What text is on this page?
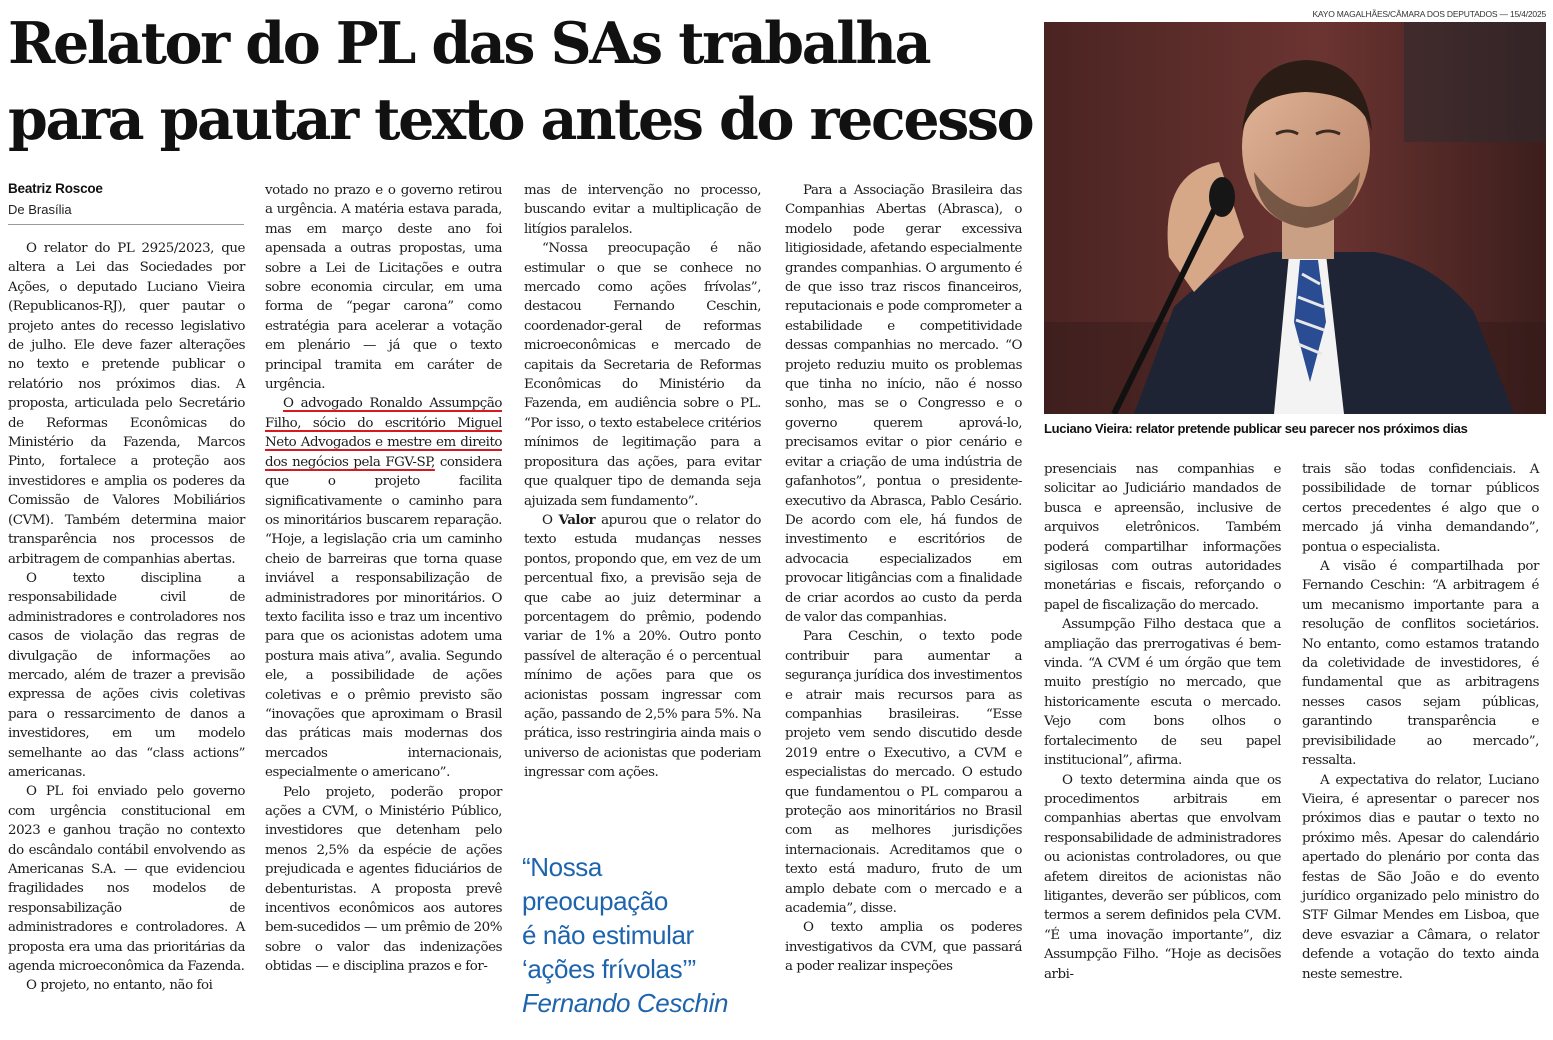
Relator do PL das SAs trabalha
para pautar texto antes do recesso
KAYO MAGALHÃES/CÂMARA DOS DEPUTADOS — 15/4/2025
Luciano Vieira: relator pretende publicar seu parecer nos próximos dias
Beatriz Roscoe
De Brasília

O relator do PL 2925/2023, que altera a Lei das Sociedades por Ações, o deputado Luciano Vieira (Republicanos-RJ), quer pautar o projeto antes do recesso legislativo de julho. Ele deve fazer alterações no texto e pretende publicar o relatório nos próximos dias. A proposta, articulada pelo Secretário de Reformas Econômicas do Ministério da Fazenda, Marcos Pinto, fortalece a proteção aos investidores e amplia os poderes da Comissão de Valores Mobiliários (CVM). Também determina maior transparência nos processos de arbitragem de companhias abertas.

O texto disciplina a responsabilidade civil de administradores e controladores nos casos de violação das regras de divulgação de informações ao mercado, além de trazer a previsão expressa de ações civis coletivas para o ressarcimento de danos a investidores, em um modelo semelhante ao das “class actions” americanas.

O PL foi enviado pelo governo com urgência constitucional em 2023 e ganhou tração no contexto do escândalo contábil envolvendo as Americanas S.A. — que evidenciou fragilidades nos modelos de responsabilização de administradores e controladores. A proposta era uma das prioritárias da agenda microeconômica da Fazenda.

O projeto, no entanto, não foi

votado no prazo e o governo retirou a urgência. A matéria estava parada, mas em março deste ano foi apensada a outras propostas, uma sobre a Lei de Licitações e outra sobre economia circular, em uma forma de “pegar carona” como estratégia para acelerar a votação em plenário — já que o texto principal tramita em caráter de urgência.

O advogado Ronaldo Assumpção Filho, sócio do escritório Miguel Neto Advogados e mestre em direito dos negócios pela FGV-SP, considera que o projeto facilita significativamente o caminho para os minoritários buscarem reparação. “Hoje, a legislação cria um caminho cheio de barreiras que torna quase inviável a responsabilização de administradores por minoritários. O texto facilita isso e traz um incentivo para que os acionistas adotem uma postura mais ativa”, avalia. Segundo ele, a possibilidade de ações coletivas e o prêmio previsto são “inovações que aproximam o Brasil das práticas mais modernas dos mercados internacionais, especialmente o americano”.

Pelo projeto, poderão propor ações a CVM, o Ministério Público, investidores que detenham pelo menos 2,5% da espécie de ações prejudicada e agentes fiduciários de debenturistas. A proposta prevê incentivos econômicos aos autores bem-sucedidos — um prêmio de 20% sobre o valor das indenizações obtidas — e disciplina prazos e for-

mas de intervenção no processo, buscando evitar a multiplicação de litígios paralelos.

“Nossa preocupação é não estimular o que se conhece no mercado como ações frívolas”, destacou Fernando Ceschin, coordenador-geral de reformas microeconômicas e mercado de capitais da Secretaria de Reformas Econômicas do Ministério da Fazenda, em audiência sobre o PL. “Por isso, o texto estabelece critérios mínimos de legitimação para a propositura das ações, para evitar que qualquer tipo de demanda seja ajuizada sem fundamento”.

O Valor apurou que o relator do texto estuda mudanças nesses pontos, propondo que, em vez de um percentual fixo, a previsão seja de que cabe ao juiz determinar a porcentagem do prêmio, podendo variar de 1% a 20%. Outro ponto passível de alteração é o percentual mínimo de ações para que os acionistas possam ingressar com ação, passando de 2,5% para 5%. Na prática, isso restringiria ainda mais o universo de acionistas que poderiam ingressar com ações.

“Nossa
preocupação
é não estimular
‘ações frívolas’”
Fernando Ceschin

Para a Associação Brasileira das Companhias Abertas (Abrasca), o modelo pode gerar excessiva litigiosidade, afetando especialmente grandes companhias. O argumento é de que isso traz riscos financeiros, reputacionais e pode comprometer a estabilidade e competitividade dessas companhias no mercado. “O projeto reduziu muito os problemas que tinha no início, não é nosso sonho, mas se o Congresso e o governo querem aprová-lo, precisamos evitar o pior cenário e evitar a criação de uma indústria de gafanhotos”, pontua o presidente-executivo da Abrasca, Pablo Cesário. De acordo com ele, há fundos de investimento e escritórios de advocacia especializados em provocar litigâncias com a finalidade de criar acordos ao custo da perda de valor das companhias.

Para Ceschin, o texto pode contribuir para aumentar a segurança jurídica dos investimentos e atrair mais recursos para as companhias brasileiras. “Esse projeto vem sendo discutido desde 2019 entre o Executivo, a CVM e especialistas do mercado. O estudo que fundamentou o PL comparou a proteção aos minoritários no Brasil com as melhores jurisdições internacionais. Acreditamos que o texto está maduro, fruto de um amplo debate com o mercado e a academia”, disse.

O texto amplia os poderes investigativos da CVM, que passará a poder realizar inspeções

presenciais nas companhias e solicitar ao Judiciário mandados de busca e apreensão, inclusive de arquivos eletrônicos. Também poderá compartilhar informações sigilosas com outras autoridades monetárias e fiscais, reforçando o papel de fiscalização do mercado.

Assumpção Filho destaca que a ampliação das prerrogativas é bem-vinda. “A CVM é um órgão que tem muito prestígio no mercado, que historicamente escuta o mercado. Vejo com bons olhos o fortalecimento de seu papel institucional”, afirma.

O texto determina ainda que os procedimentos arbitrais em companhias abertas que envolvam responsabilidade de administradores ou acionistas controladores, ou que afetem direitos de acionistas não litigantes, deverão ser públicos, com termos a serem definidos pela CVM. “É uma inovação importante”, diz Assumpção Filho. “Hoje as decisões arbi-

trais são todas confidenciais. A possibilidade de tornar públicos certos precedentes é algo que o mercado já vinha demandando”, pontua o especialista.

A visão é compartilhada por Fernando Ceschin: “A arbitragem é um mecanismo importante para a resolução de conflitos societários. No entanto, como estamos tratando da coletividade de investidores, é fundamental que as arbitragens nesses casos sejam públicas, garantindo transparência e previsibilidade ao mercado”, ressalta.

A expectativa do relator, Luciano Vieira, é apresentar o parecer nos próximos dias e pautar o texto no próximo mês. Apesar do calendário apertado do plenário por conta das festas de São João e do evento jurídico organizado pelo ministro do STF Gilmar Mendes em Lisboa, que deve esvaziar a Câmara, o relator defende a votação do texto ainda neste semestre.
